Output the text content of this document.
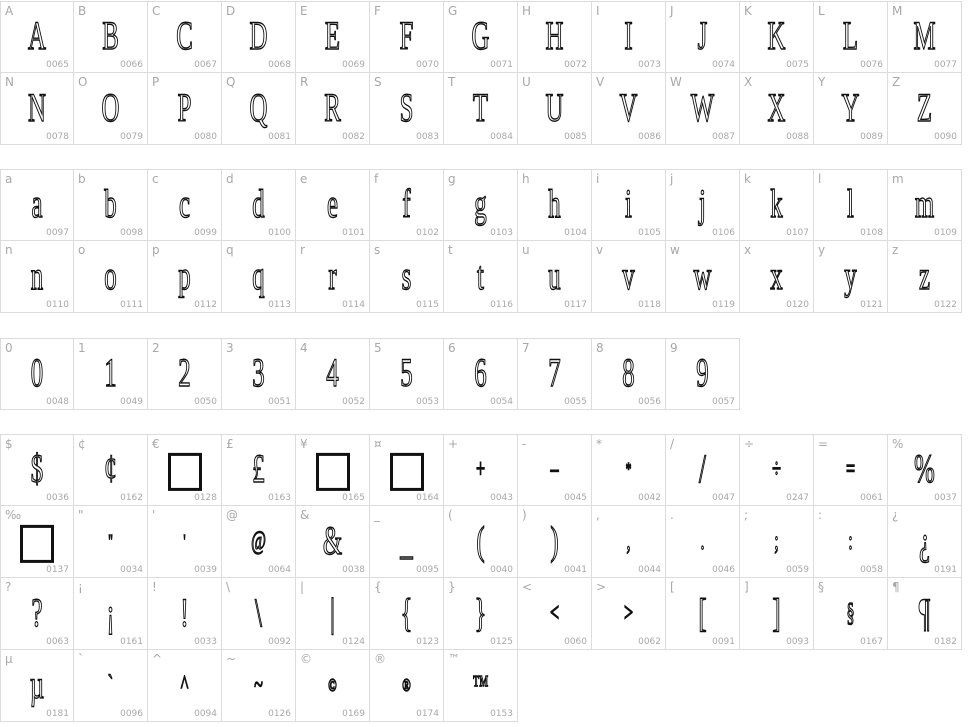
A
A
0065
B
B
0066
C
C
0067
D
D
0068
E
E
0069
F
F
0070
G
G
0071
H
H
0072
I
I
0073
J
J
0074
K
K
0075
L
L
0076
M
M
0077
N
N
0078
O
O
0079
P
P
0080
Q
Q
0081
R
R
0082
S
S
0083
T
T
0084
U
U
0085
V
V
0086
W
W
0087
X
X
0088
Y
Y
0089
Z
Z
0090
a
a
0097
b
b
0098
c
c
0099
d
d
0100
e
e
0101
f
f
0102
g
g
0103
h
h
0104
i
i
0105
j
j
0106
k
k
0107
l
l
0108
m
m
0109
n
n
0110
o
o
0111
p
p
0112
q
q
0113
r
r
0114
s
s
0115
t
t
0116
u
u
0117
v
v
0118
w
w
0119
x
x
0120
y
y
0121
z
z
0122
0
0
0048
1
1
0049
2
2
0050
3
3
0051
4
4
0052
5
5
0053
6
6
0054
7
7
0055
8
8
0056
9
9
0057
$
$
0036
¢
¢
0162
€
0128
£
£
0163
¥
0165
¤
0164
+
+
0043
-
–
0045
*
*
0042
/
/
0047
÷
÷
0247
=
=
0061
%
%
0037
‰
0137
"
"
0034
'
'
0039
@
@
0064
&
&
0038
_
_
0095
(
(
0040
)
)
0041
,
,
0044
.
.
0046
;
;
0059
:
:
0058
¿
¿
0191
?
?
0063
¡
¡
0161
!
!
0033
\
\
0092
|
|
0124
{
{
0123
}
}
0125
<
<
0060
>
>
0062
[
[
0091
]
]
0093
§
§
0167
¶
¶
0182
µ
µ
0181
`
`
0096
^
^
0094
~
~
0126
©
©
0169
®
®
0174
™
™
0153
